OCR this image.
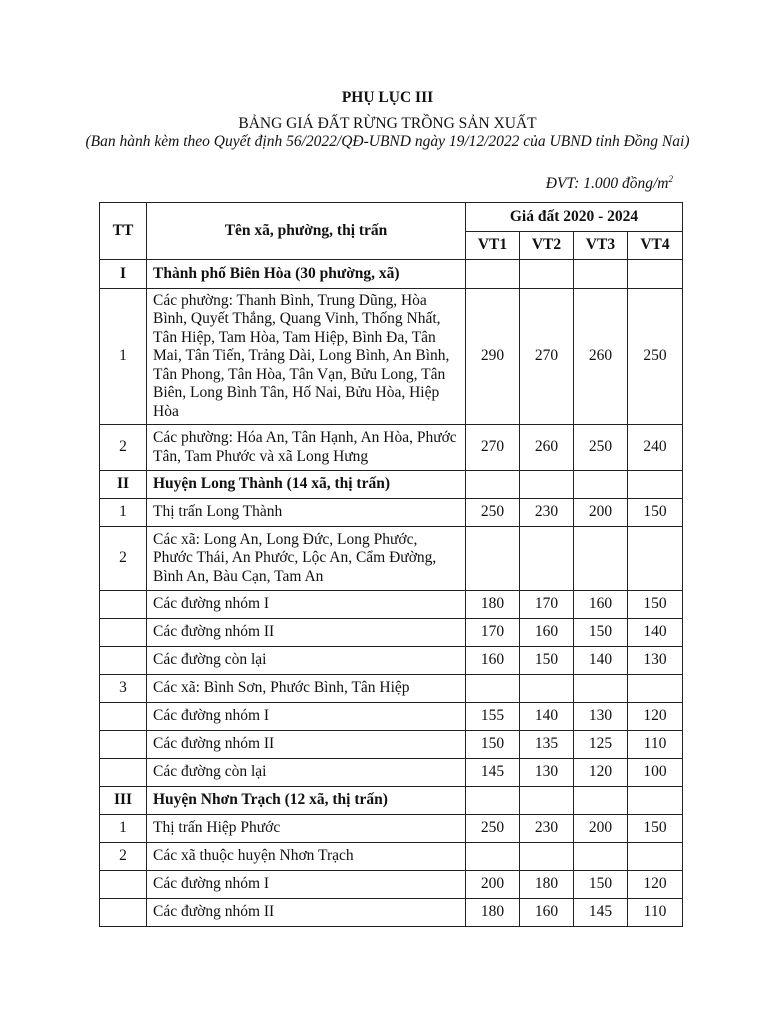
PHỤ LỤC III
BẢNG GIÁ ĐẤT RỪNG TRỒNG SẢN XUẤT
(Ban hành kèm theo Quyết định 56/2022/QĐ-UBND ngày 19/12/2022 của UBND tỉnh Đồng Nai)
ĐVT: 1.000 đồng/$m^2$
TT	Tên xã, phường, thị trấn	Giá đất 2020 - 2024			
		VT1	VT2	VT3	VT4
I	Thành phố Biên Hòa (30 phường, xã)				
1	Các phường: Thanh Bình, Trung Dũng, Hòa Bình, Quyết Thắng, Quang Vinh, Thống Nhất, Tân Hiệp, Tam Hòa, Tam Hiệp, Bình Đa, Tân Mai, Tân Tiến, Trảng Dài, Long Bình, An Bình, Tân Phong, Tân Hòa, Tân Vạn, Bửu Long, Tân Biên, Long Bình Tân, Hố Nai, Bửu Hòa, Hiệp Hòa	290	270	260	250
2	Các phường: Hóa An, Tân Hạnh, An Hòa, Phước Tân, Tam Phước và xã Long Hưng	270	260	250	240
II	Huyện Long Thành (14 xã, thị trấn)				
1	Thị trấn Long Thành	250	230	200	150
2	Các xã: Long An, Long Đức, Long Phước, Phước Thái, An Phước, Lộc An, Cẩm Đường, Bình An, Bàu Cạn, Tam An				
	Các đường nhóm I	180	170	160	150
	Các đường nhóm II	170	160	150	140
	Các đường còn lại	160	150	140	130
3	Các xã: Bình Sơn, Phước Bình, Tân Hiệp				
	Các đường nhóm I	155	140	130	120
	Các đường nhóm II	150	135	125	110
	Các đường còn lại	145	130	120	100
III	Huyện Nhơn Trạch (12 xã, thị trấn)				
1	Thị trấn Hiệp Phước	250	230	200	150
2	Các xã thuộc huyện Nhơn Trạch				
	Các đường nhóm I	200	180	150	120
	Các đường nhóm II	180	160	145	110
